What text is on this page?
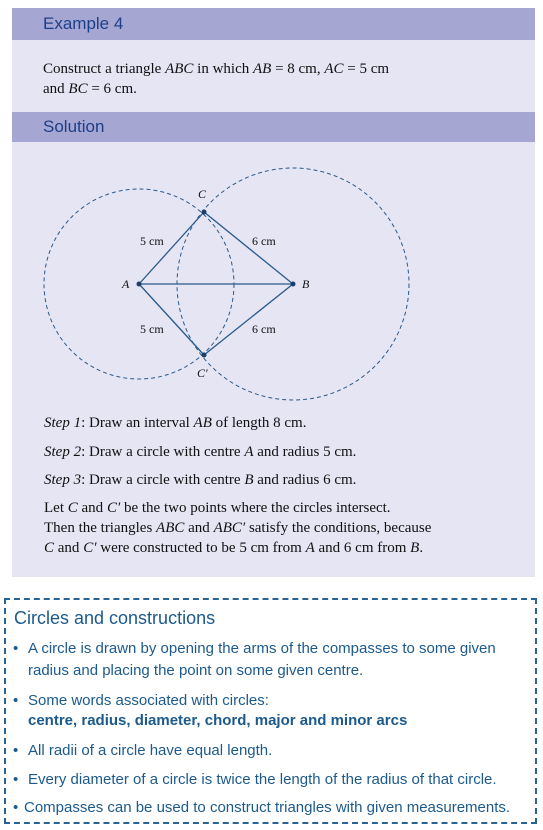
Example 4
Construct a triangle ABC in which AB = 8 cm, AC = 5 cm
and BC = 6 cm.
Solution
A	B
C
C′
5 cm	6 cm
5 cm	6 cm
Step 1: Draw an interval AB of length 8 cm.
Step 2: Draw a circle with centre A and radius 5 cm.
Step 3: Draw a circle with centre B and radius 6 cm.
Let C and C′ be the two points where the circles intersect.
Then the triangles ABC and ABC′ satisfy the conditions, because
C and C′ were constructed to be 5 cm from A and 6 cm from B.
Circles and constructions
• A circle is drawn by opening the arms of the compasses to some given
radius and placing the point on some given centre.
• Some words associated with circles:
centre, radius, diameter, chord, major and minor arcs
• All radii of a circle have equal length.
• Every diameter of a circle is twice the length of the radius of that circle.
• Compasses can be used to construct triangles with given measurements.
